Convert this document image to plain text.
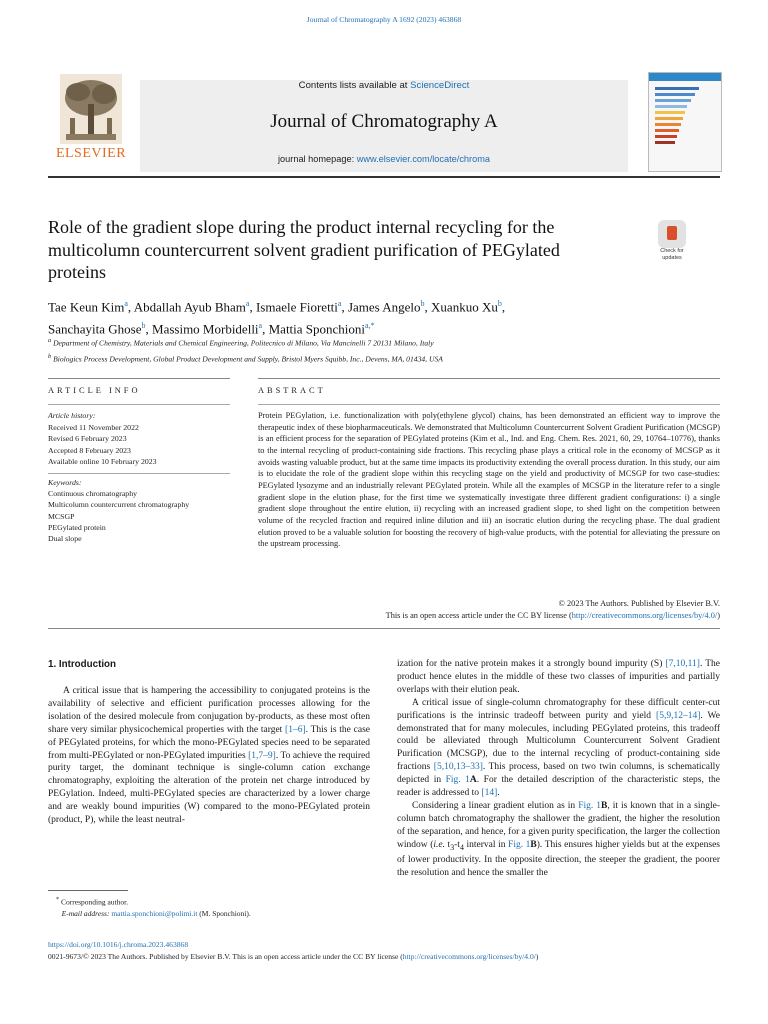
Journal of Chromatography A 1692 (2023) 463868
ELSEVIER
Contents lists available at ScienceDirect
Journal of Chromatography A
journal homepage: www.elsevier.com/locate/chroma
Role of the gradient slope during the product internal recycling for the multicolumn countercurrent solvent gradient purification of PEGylated proteins
Check for updates
Tae Keun Kim$^a$, Abdallah Ayub Bham$^a$, Ismaele Fioretti$^a$, James Angelo$^b$, Xuankuo Xu$^b$,
Sanchayita Ghose$^b$, Massimo Morbidelli$^a$, Mattia Sponchioni$^{a,*}$
$^a$ Department of Chemistry, Materials and Chemical Engineering, Politecnico di Milano, Via Mancinelli 7 20131 Milano, Italy
$^b$ Biologics Process Development, Global Product Development and Supply, Bristol Myers Squibb, Inc., Devens, MA, 01434, USA
ARTICLE INFO	ABSTRACT
Article history:
Received 11 November 2022
Revised 6 February 2023
Accepted 8 February 2023
Available online 10 February 2023
Keywords:
Continuous chromatography
Multicolumn countercurrent chromatography
MCSGP
PEGylated protein
Dual slope
Protein PEGylation, i.e. functionalization with poly(ethylene glycol) chains, has been demonstrated an efficient way to improve the therapeutic index of these biopharmaceuticals. We demonstrated that Multicolumn Countercurrent Solvent Gradient Purification (MCSGP) is an efficient process for the separation of PEGylated proteins (Kim et al., Ind. and Eng. Chem. Res. 2021, 60, 29, 10764–10776), thanks to the internal recycling of product-containing side fractions. This recycling phase plays a critical role in the economy of MCSGP as it avoids wasting valuable product, but at the same time impacts its productivity extending the overall process duration. In this study, our aim is to elucidate the role of the gradient slope within this recycling stage on the yield and productivity of MCSGP for two case-studies: PEGylated lysozyme and an industrially relevant PEGylated protein. While all the examples of MCSGP in the literature refer to a single gradient slope in the elution phase, for the first time we systematically investigate three different gradient configurations: i) a single gradient slope throughout the entire elution, ii) recycling with an increased gradient slope, to shed light on the competition between volume of the recycled fraction and required inline dilution and iii) an isocratic elution during the recycling phase. The dual gradient elution proved to be a valuable solution for boosting the recovery of high-value products, with the potential for alleviating the pressure on the upstream processing.
© 2023 The Authors. Published by Elsevier B.V.
This is an open access article under the CC BY license (http://creativecommons.org/licenses/by/4.0/)
1. Introduction

A critical issue that is hampering the accessibility to conjugated proteins is the availability of selective and efficient purification processes allowing for the isolation of the desired molecule from conjugation by-products, as these most often share very similar physicochemical properties with the target [1–6]. This is the case of PEGylated proteins, for which the mono-PEGylated species need to be separated from multi-PEGylated or non-PEGylated impurities [1,7–9]. To achieve the required purity target, the dominant technique is single-column cation exchange chromatography, exploiting the alteration of the protein net charge introduced by PEGylation. Indeed, multi-PEGylated species are characterized by a lower charge and are weakly bound impurities (W) compared to the mono-PEGylated protein (product, P), while the least neutral-

ization for the native protein makes it a strongly bound impurity (S) [7,10,11]. The product hence elutes in the middle of these two classes of impurities and partially overlaps with their elution peak.

A critical issue of single-column chromatography for these difficult center-cut purifications is the intrinsic tradeoff between purity and yield [5,9,12–14]. We demonstrated that for many molecules, including PEGylated proteins, this tradeoff could be alleviated through Multicolumn Countercurrent Solvent Gradient Purification (MCSGP), due to the internal recycling of product-containing side fractions [5,10,13–33]. This process, based on two twin columns, is schematically depicted in Fig. 1A. For the detailed description of the characteristic steps, the reader is addressed to [14].

Considering a linear gradient elution as in Fig. 1B, it is known that in a single-column batch chromatography the shallower the gradient, the higher the resolution of the separation, and hence, for a given purity specification, the larger the collection window (i.e. $t_3-t_4$ interval in Fig. 1B). This ensures higher yields but at the expenses of lower productivity. In the opposite direction, the steeper the gradient, the poorer the resolution and hence the smaller the

* Corresponding author.
E-mail address: mattia.sponchioni@polimi.it (M. Sponchioni).
https://doi.org/10.1016/j.chroma.2023.463868
0021-9673/© 2023 The Authors. Published by Elsevier B.V. This is an open access article under the CC BY license (http://creativecommons.org/licenses/by/4.0/)
